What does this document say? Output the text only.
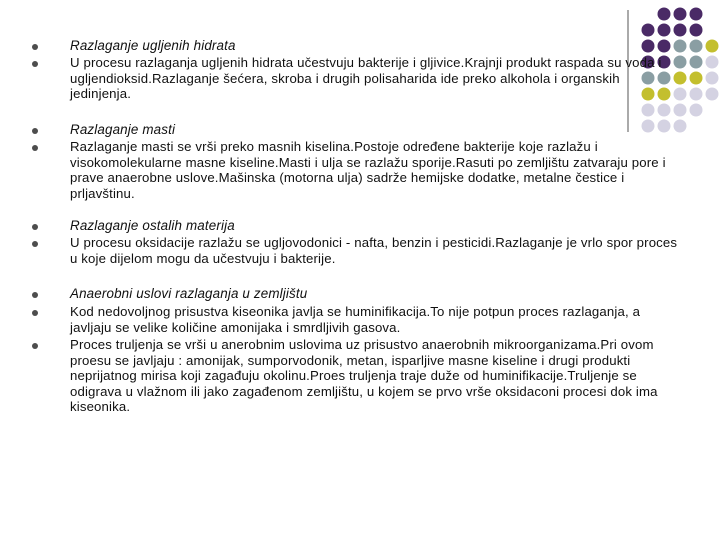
Razlaganje ugljenih hidrata
U procesu razlaganja ugljenih hidrata učestvuju bakterije i gljivice.Krajnji produkt raspada su voda i ugljendioksid.Razlaganje šećera, skroba i drugih polisaharida ide preko alkohola i organskih jedinjenja.
Razlaganje masti
Razlaganje masti se vrši preko masnih kiselina.Postoje određene bakterije koje razlažu i visokomolekularne masne kiseline.Masti i ulja se razlažu sporije.Rasuti po zemljištu zatvaraju pore i prave anaerobne uslove.Mašinska (motorna ulja) sadrže hemijske dodatke, metalne čestice i prljavštinu.
Razlaganje ostalih materija
U procesu oksidacije razlažu se ugljovodonici - nafta, benzin i pesticidi.Razlaganje je vrlo spor proces u koje dijelom mogu da učestvuju i bakterije.
Anaerobni uslovi razlaganja u zemljištu
Kod nedovoljnog prisustva kiseonika javlja se huminifikacija.To nije potpun proces razlaganja, a javljaju se velike količine amonijaka i smrdljivih gasova.
Proces truljenja se vrši u anerobnim uslovima uz prisustvo anaerobnih mikroorganizama.Pri ovom proesu se javljaju : amonijak, sumporvodonik, metan, isparljive masne kiseline i drugi produkti neprijatnog mirisa koji zagađuju okolinu.Proes truljenja traje duže od huminifikacije.Truljenje se odigrava u vlažnom ili jako zagađenom zemljištu, u kojem se prvo vrše oksidaconi procesi dok ima kiseonika.
